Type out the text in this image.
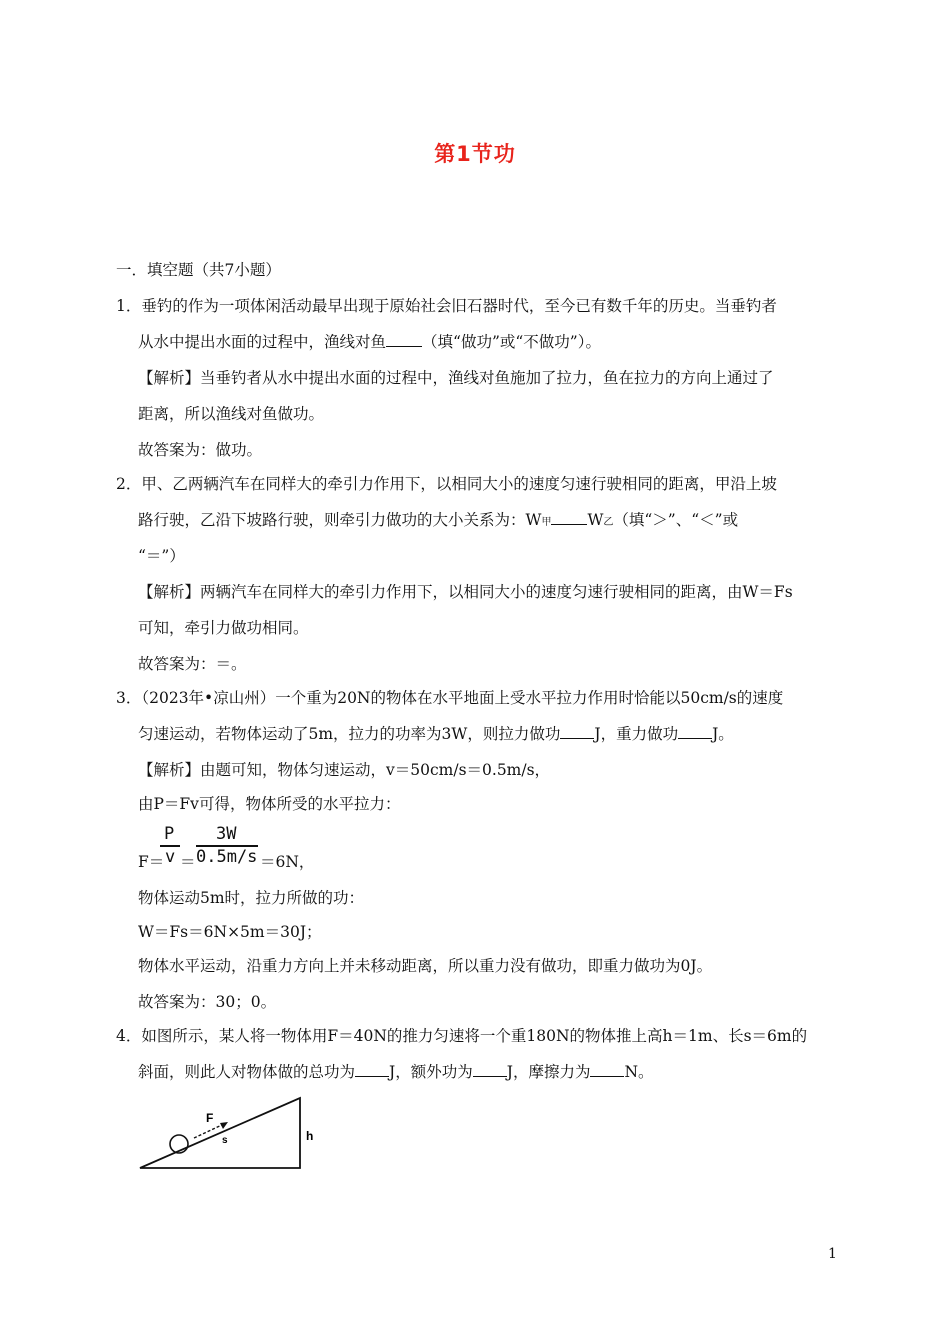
第1节功
一．填空题（共7小题）
1．垂钓的作为一项体闲活动最早出现于原始社会旧石器时代，至今已有数千年的历史。当垂钓者
从水中提出水面的过程中，渔线对鱼 （填“做功”或“不做功”）。
【解析】当垂钓者从水中提出水面的过程中，渔线对鱼施加了拉力，鱼在拉力的方向上通过了
距离，所以渔线对鱼做功。
故答案为：做功。
2．甲、乙两辆汽车在同样大的牵引力作用下，以相同大小的速度匀速行驶相同的距离，甲沿上坡
路行驶，乙沿下坡路行驶，则牵引力做功的大小关系为：W甲 W乙（填“＞”、“＜”或
“＝”）
【解析】两辆汽车在同样大的牵引力作用下，以相同大小的速度匀速行驶相同的距离，由W＝Fs
可知，牵引力做功相同。
故答案为：＝。
3．（2023年•凉山州）一个重为20N的物体在水平地面上受水平拉力作用时恰能以50cm/s的速度
匀速运动，若物体运动了5m，拉力的功率为3W，则拉力做功 J，重力做功 J。
【解析】由题可知，物体匀速运动，v＝50cm/s＝0.5m/s，
由P＝Fv可得，物体所受的水平拉力：
P
F＝ v ＝
3W
0.5m/s ＝6N，
物体运动5m时，拉力所做的功：
W＝Fs＝6N×5m＝30J；
物体水平运动，沿重力方向上并未移动距离，所以重力没有做功，即重力做功为0J。
故答案为：30；0。
4．如图所示，某人将一物体用F＝40N的推力匀速将一个重180N的物体推上高h＝1m、长s＝6m的
斜面，则此人对物体做的总功为 J，额外功为 J，摩擦力为 N。
F
s	h
1
